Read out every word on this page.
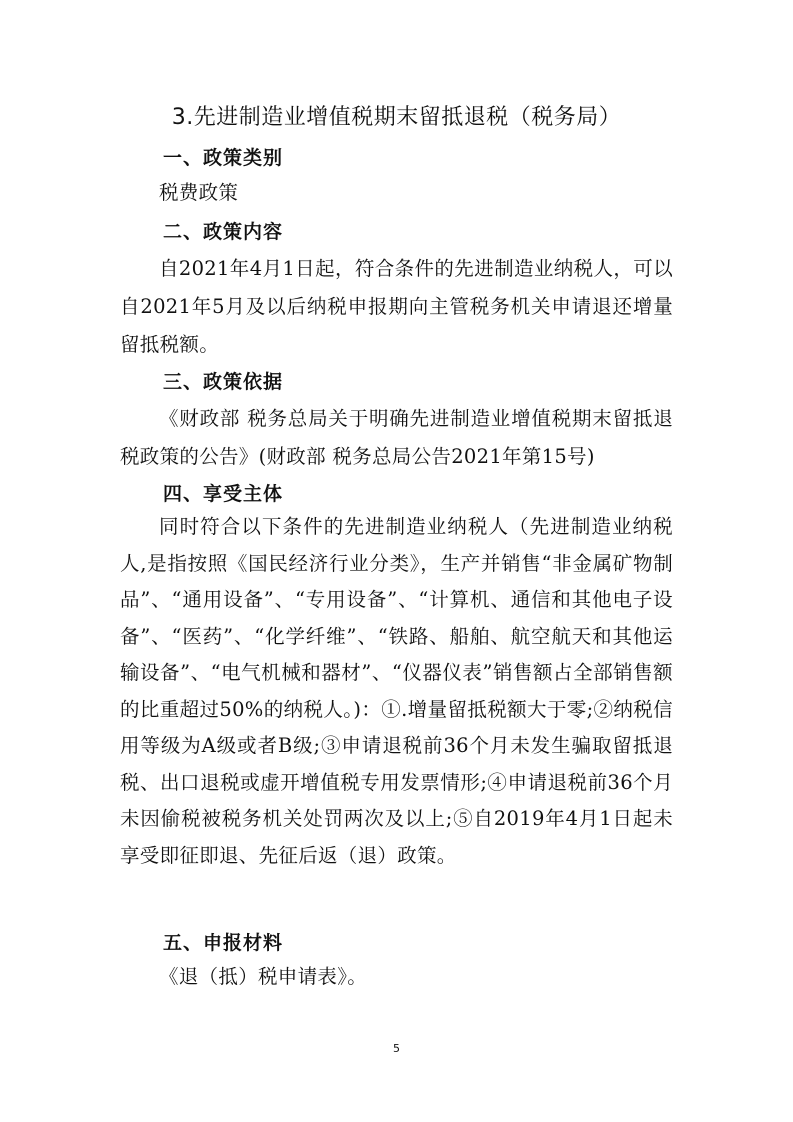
3.先进制造业增值税期末留抵退税（税务局）
一、政策类别

税费政策

二、政策内容

自2021年4月1日起，符合条件的先进制造业纳税人，可以自2021年5月及以后纳税申报期向主管税务机关申请退还增量留抵税额。

三、政策依据

《财政部 税务总局关于明确先进制造业增值税期末留抵退税政策的公告》(财政部 税务总局公告2021年第15号)

四、享受主体

同时符合以下条件的先进制造业纳税人（先进制造业纳税人,是指按照《国民经济行业分类》，生产并销售“非金属矿物制品”、“通用设备”、“专用设备”、“计算机、通信和其他电子设备”、“医药”、“化学纤维”、“铁路、船舶、航空航天和其他运输设备”、“电气机械和器材”、“仪器仪表”销售额占全部销售额的比重超过50%的纳税人。)：①.增量留抵税额大于零;②纳税信用等级为A级或者B级;③申请退税前36个月未发生骗取留抵退税、出口退税或虚开增值税专用发票情形;④申请退税前36个月未因偷税被税务机关处罚两次及以上;⑤自2019年4月1日起未享受即征即退、先征后返（退）政策。

五、申报材料

《退（抵）税申请表》。

5
